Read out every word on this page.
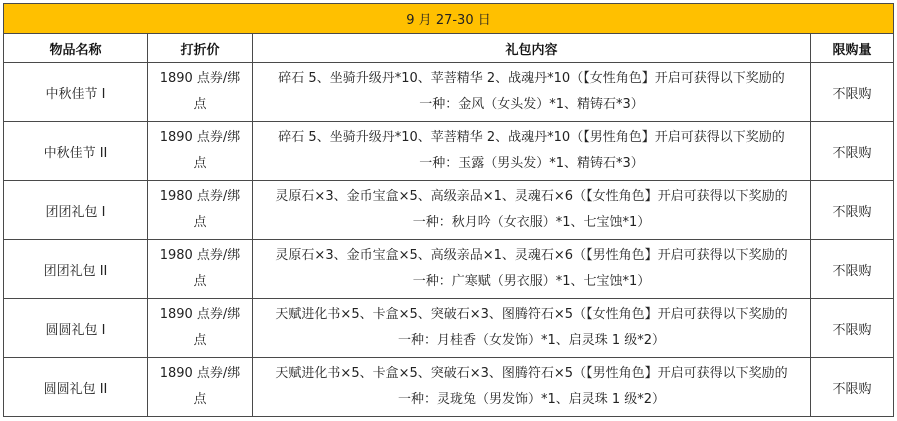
9 月 27-30 日			
物品名称	打折价	礼包内容	限购量
中秋佳节 I	1890 点券/绑点	碎石 5、坐骑升级丹*10、苹菩精华 2、战魂丹*10（【女性角色】开启可获得以下奖励的
一种：金风（女头发）*1、精铸石*3）	不限购
中秋佳节 II	1890 点券/绑点	碎石 5、坐骑升级丹*10、苹菩精华 2、战魂丹*10（【男性角色】开启可获得以下奖励的
一种：玉露（男头发）*1、精铸石*3）	不限购
团团礼包 I	1980 点券/绑点	灵原石×3、金币宝盒×5、高级亲品×1、灵魂石×6（【女性角色】开启可获得以下奖励的
一种：秋月吟（女衣服）*1、七宝蚀*1）	不限购
团团礼包 II	1980 点券/绑点	灵原石×3、金币宝盒×5、高级亲品×1、灵魂石×6（【男性角色】开启可获得以下奖励的
一种：广寒赋（男衣服）*1、七宝蚀*1）	不限购
圆圆礼包 I	1890 点券/绑点	天赋进化书×5、卡盒×5、突破石×3、图腾符石×5（【女性角色】开启可获得以下奖励的
一种：月桂香（女发饰）*1、启灵珠 1 级*2）	不限购
圆圆礼包 II	1890 点券/绑点	天赋进化书×5、卡盒×5、突破石×3、图腾符石×5（【男性角色】开启可获得以下奖励的
一种：灵珑兔（男发饰）*1、启灵珠 1 级*2）	不限购
